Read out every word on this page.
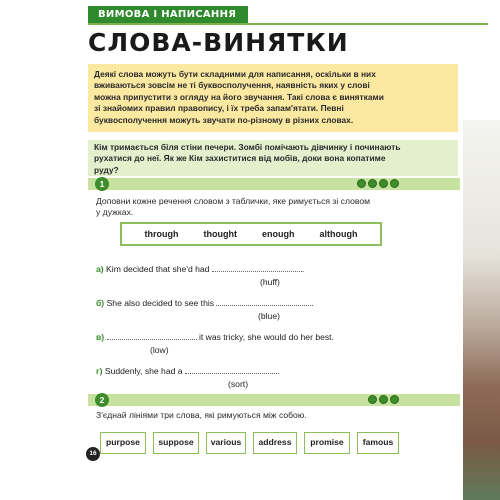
ВИМОВА І НАПИСАННЯ
СЛОВА-ВИНЯТКИ
Деякі слова можуть бути складними для написання, оскільки в них
вживаються зовсім не ті буквосполучення, наявність яких у слові
можна припустити з огляду на його звучання. Такі слова є винятками
зі знайомих правил правопису, і їх треба запам'ятати. Певні
буквосполучення можуть звучати по-різному в різних словах.
Кім тримається біля стіни печери. Зомбі помічають дівчинку і починають
рухатися до неї. Як же Кім захиститися від мобів, доки вона копатиме
руду?
1
Доповни кожне речення словом з таблички, яке римується зі словом
у дужках.
through	thought	enough	although
a) Kim decided that she'd had	.
(huff)
б) She also decided to see this	.
(blue)
в)	it was tricky, she would do her best.
(low)
г) Suddenly, she had a	.
(sort)
2
З'єднай лініями три слова, які римуються між собою.
purpose	suppose	various	address	promise	famous
16
